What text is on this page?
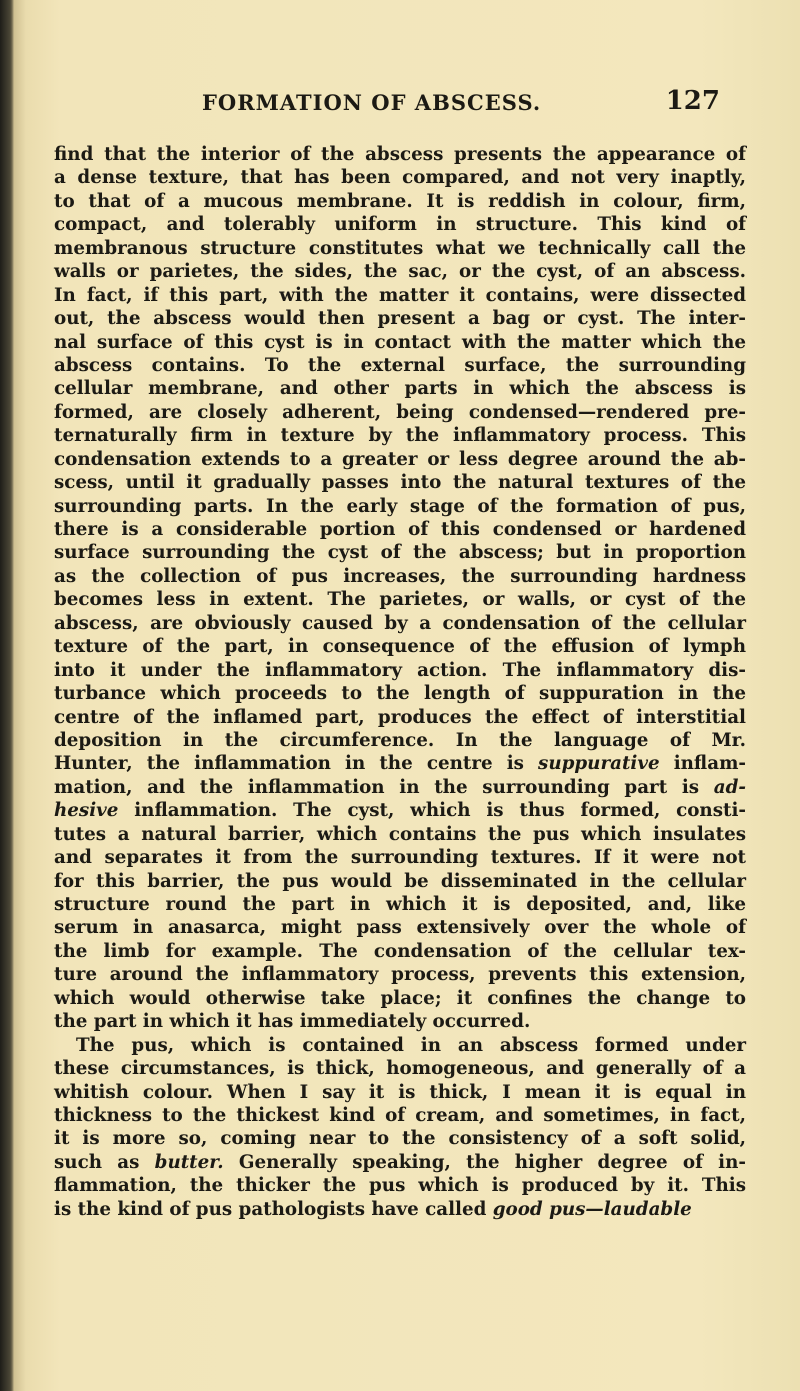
FORMATION OF ABSCESS.	127
find that the interior of the abscess presents the appearance of
a dense texture, that has been compared, and not very inaptly,
to that of a mucous membrane. It is reddish in colour, firm,
compact, and tolerably uniform in structure. This kind of
membranous structure constitutes what we technically call the
walls or parietes, the sides, the sac, or the cyst, of an abscess.
In fact, if this part, with the matter it contains, were dissected
out, the abscess would then present a bag or cyst. The inter-
nal surface of this cyst is in contact with the matter which the
abscess contains. To the external surface, the surrounding
cellular membrane, and other parts in which the abscess is
formed, are closely adherent, being condensed—rendered pre-
ternaturally firm in texture by the inflammatory process. This
condensation extends to a greater or less degree around the ab-
scess, until it gradually passes into the natural textures of the
surrounding parts. In the early stage of the formation of pus,
there is a considerable portion of this condensed or hardened
surface surrounding the cyst of the abscess; but in proportion
as the collection of pus increases, the surrounding hardness
becomes less in extent. The parietes, or walls, or cyst of the
abscess, are obviously caused by a condensation of the cellular
texture of the part, in consequence of the effusion of lymph
into it under the inflammatory action. The inflammatory dis-
turbance which proceeds to the length of suppuration in the
centre of the inflamed part, produces the effect of interstitial
deposition in the circumference. In the language of Mr.
Hunter, the inflammation in the centre is suppurative inflam-
mation, and the inflammation in the surrounding part is ad-
hesive inflammation. The cyst, which is thus formed, consti-
tutes a natural barrier, which contains the pus which insulates
and separates it from the surrounding textures. If it were not
for this barrier, the pus would be disseminated in the cellular
structure round the part in which it is deposited, and, like
serum in anasarca, might pass extensively over the whole of
the limb for example. The condensation of the cellular tex-
ture around the inflammatory process, prevents this extension,
which would otherwise take place; it confines the change to
the part in which it has immediately occurred.
The pus, which is contained in an abscess formed under
these circumstances, is thick, homogeneous, and generally of a
whitish colour. When I say it is thick, I mean it is equal in
thickness to the thickest kind of cream, and sometimes, in fact,
it is more so, coming near to the consistency of a soft solid,
such as butter. Generally speaking, the higher degree of in-
flammation, the thicker the pus which is produced by it. This
is the kind of pus pathologists have called good pus—laudable
